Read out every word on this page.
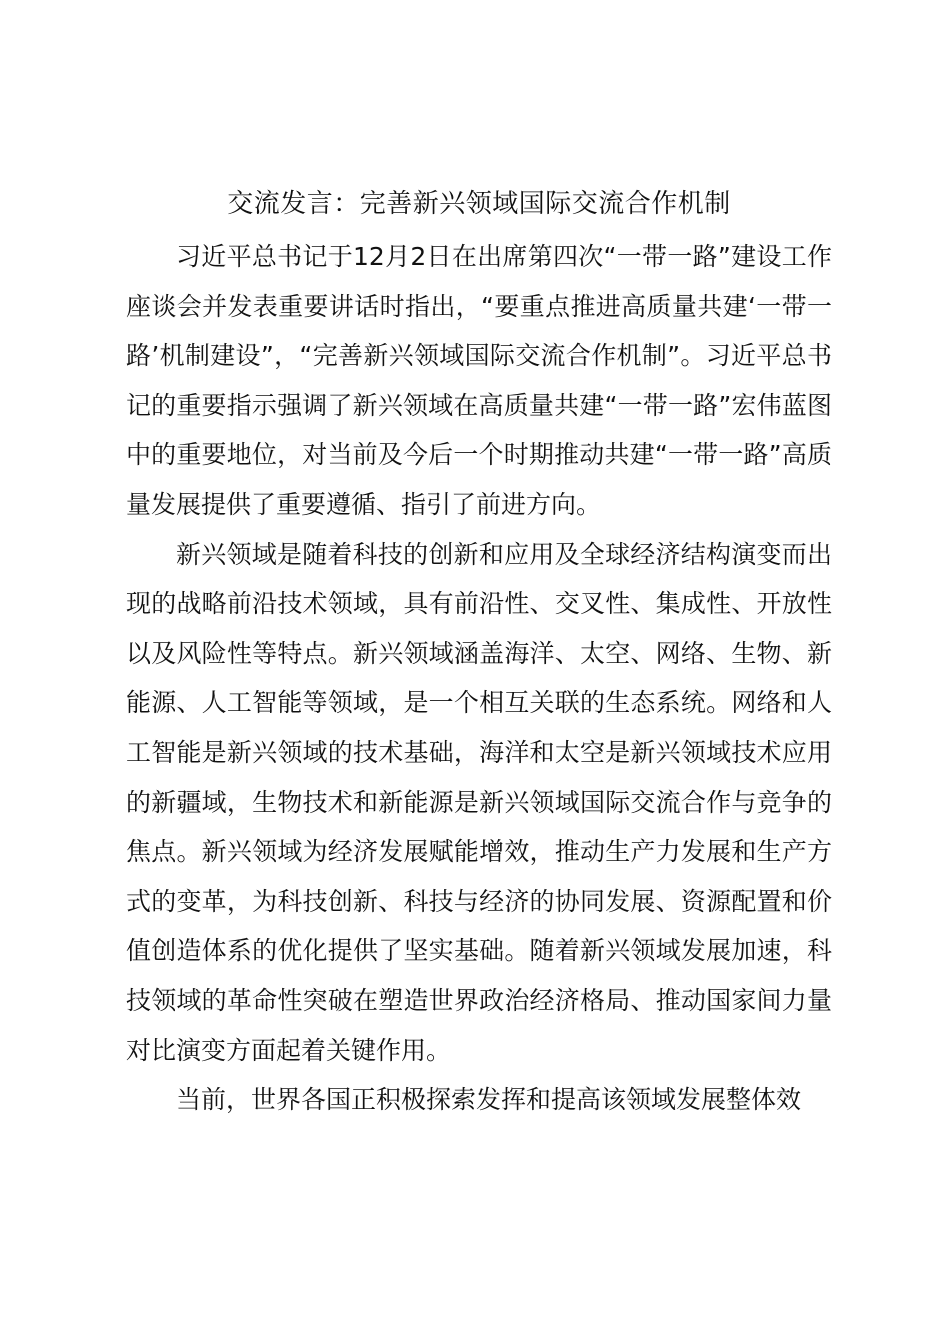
交流发言：完善新兴领域国际交流合作机制

习近平总书记于12月2日在出席第四次“一带一路”建设工作座谈会并发表重要讲话时指出，“要重点推进高质量共建‘一带一路’机制建设”，“完善新兴领域国际交流合作机制”。习近平总书记的重要指示强调了新兴领域在高质量共建“一带一路”宏伟蓝图中的重要地位，对当前及今后一个时期推动共建“一带一路”高质量发展提供了重要遵循、指引了前进方向。

新兴领域是随着科技的创新和应用及全球经济结构演变而出现的战略前沿技术领域，具有前沿性、交叉性、集成性、开放性以及风险性等特点。新兴领域涵盖海洋、太空、网络、生物、新能源、人工智能等领域，是一个相互关联的生态系统。网络和人工智能是新兴领域的技术基础，海洋和太空是新兴领域技术应用的新疆域，生物技术和新能源是新兴领域国际交流合作与竞争的焦点。新兴领域为经济发展赋能增效，推动生产力发展和生产方式的变革，为科技创新、科技与经济的协同发展、资源配置和价值创造体系的优化提供了坚实基础。随着新兴领域发展加速，科技领域的革命性突破在塑造世界政治经济格局、推动国家间力量对比演变方面起着关键作用。

当前，世界各国正积极探索发挥和提高该领域发展整体效
